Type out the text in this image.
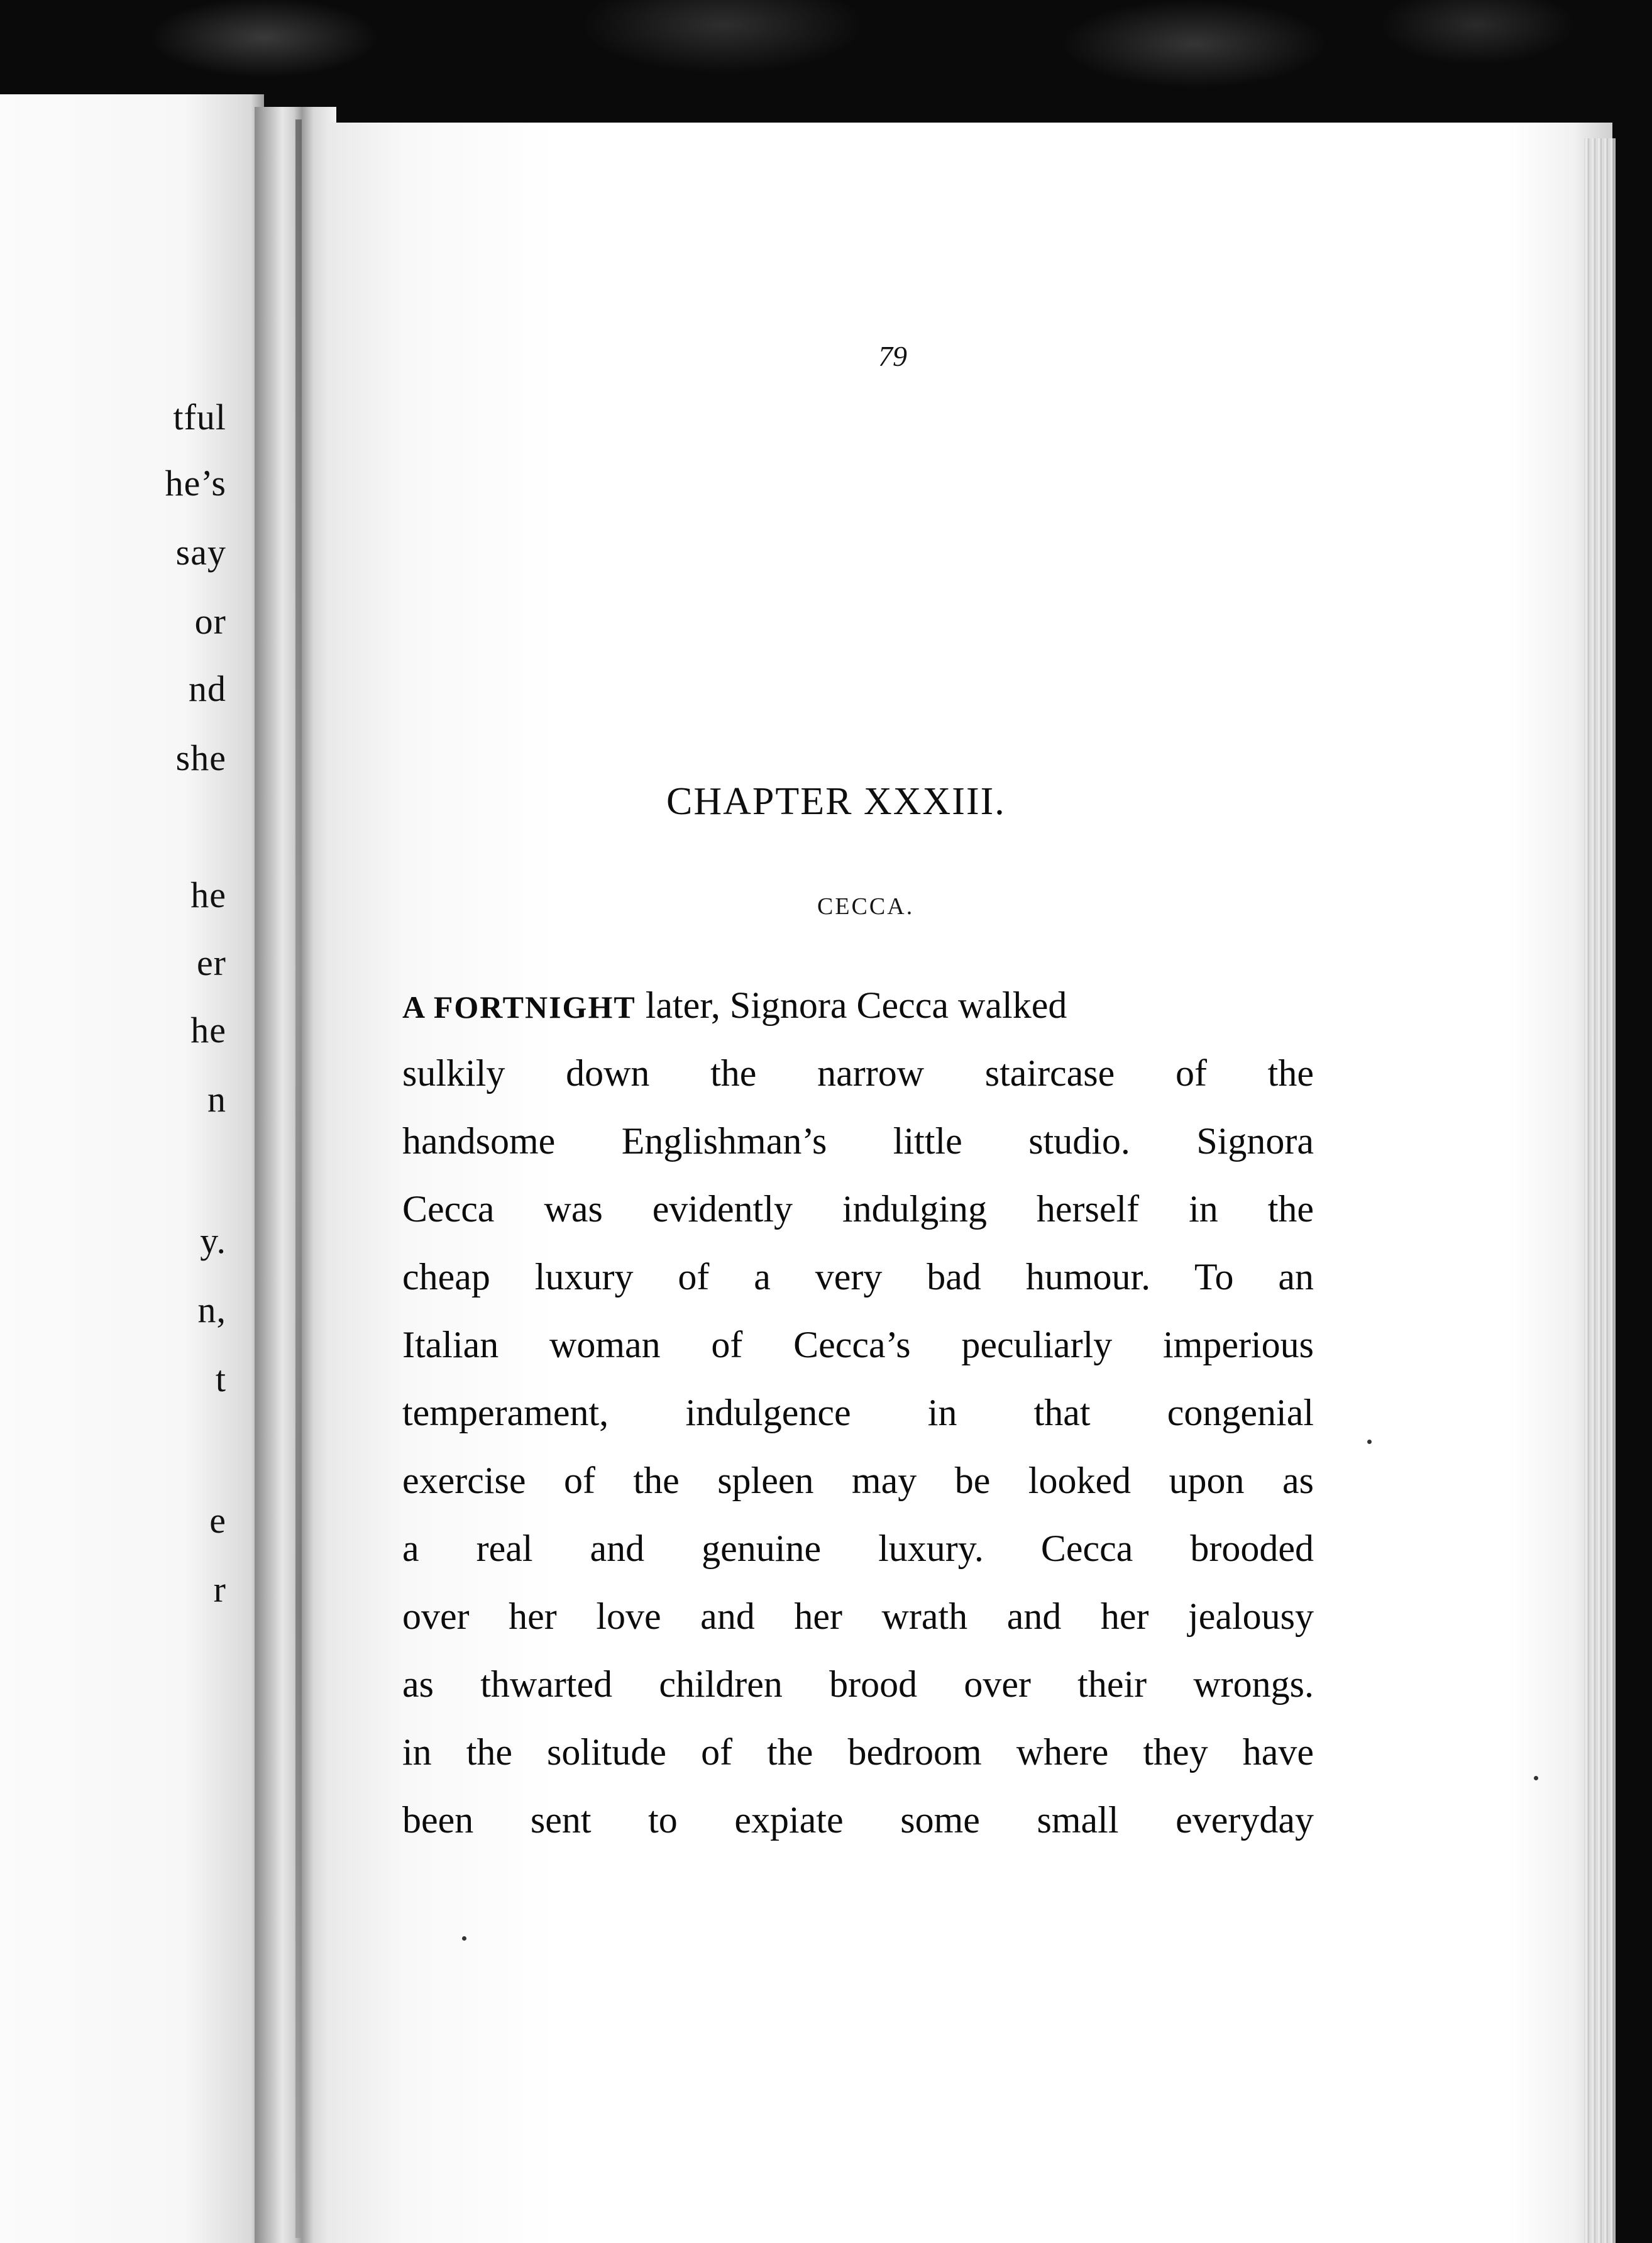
tful
he’s
say
or
nd
she
he
er
he
n
y.
n,
t
e
r
79
CHAPTER XXXIII.
CECCA.
A FORTNIGHT later, Signora Cecca walked
sulkily down the narrow staircase of the
handsome Englishman’s little studio. Signora
Cecca was evidently indulging herself in the
cheap luxury of a very bad humour. To an
Italian woman of Cecca’s peculiarly imperious
temperament, indulgence in that congenial
exercise of the spleen may be looked upon as
a real and genuine luxury. Cecca brooded
over her love and her wrath and her jealousy
as thwarted children brood over their wrongs.
in the solitude of the bedroom where they have
been sent to expiate some small everyday
